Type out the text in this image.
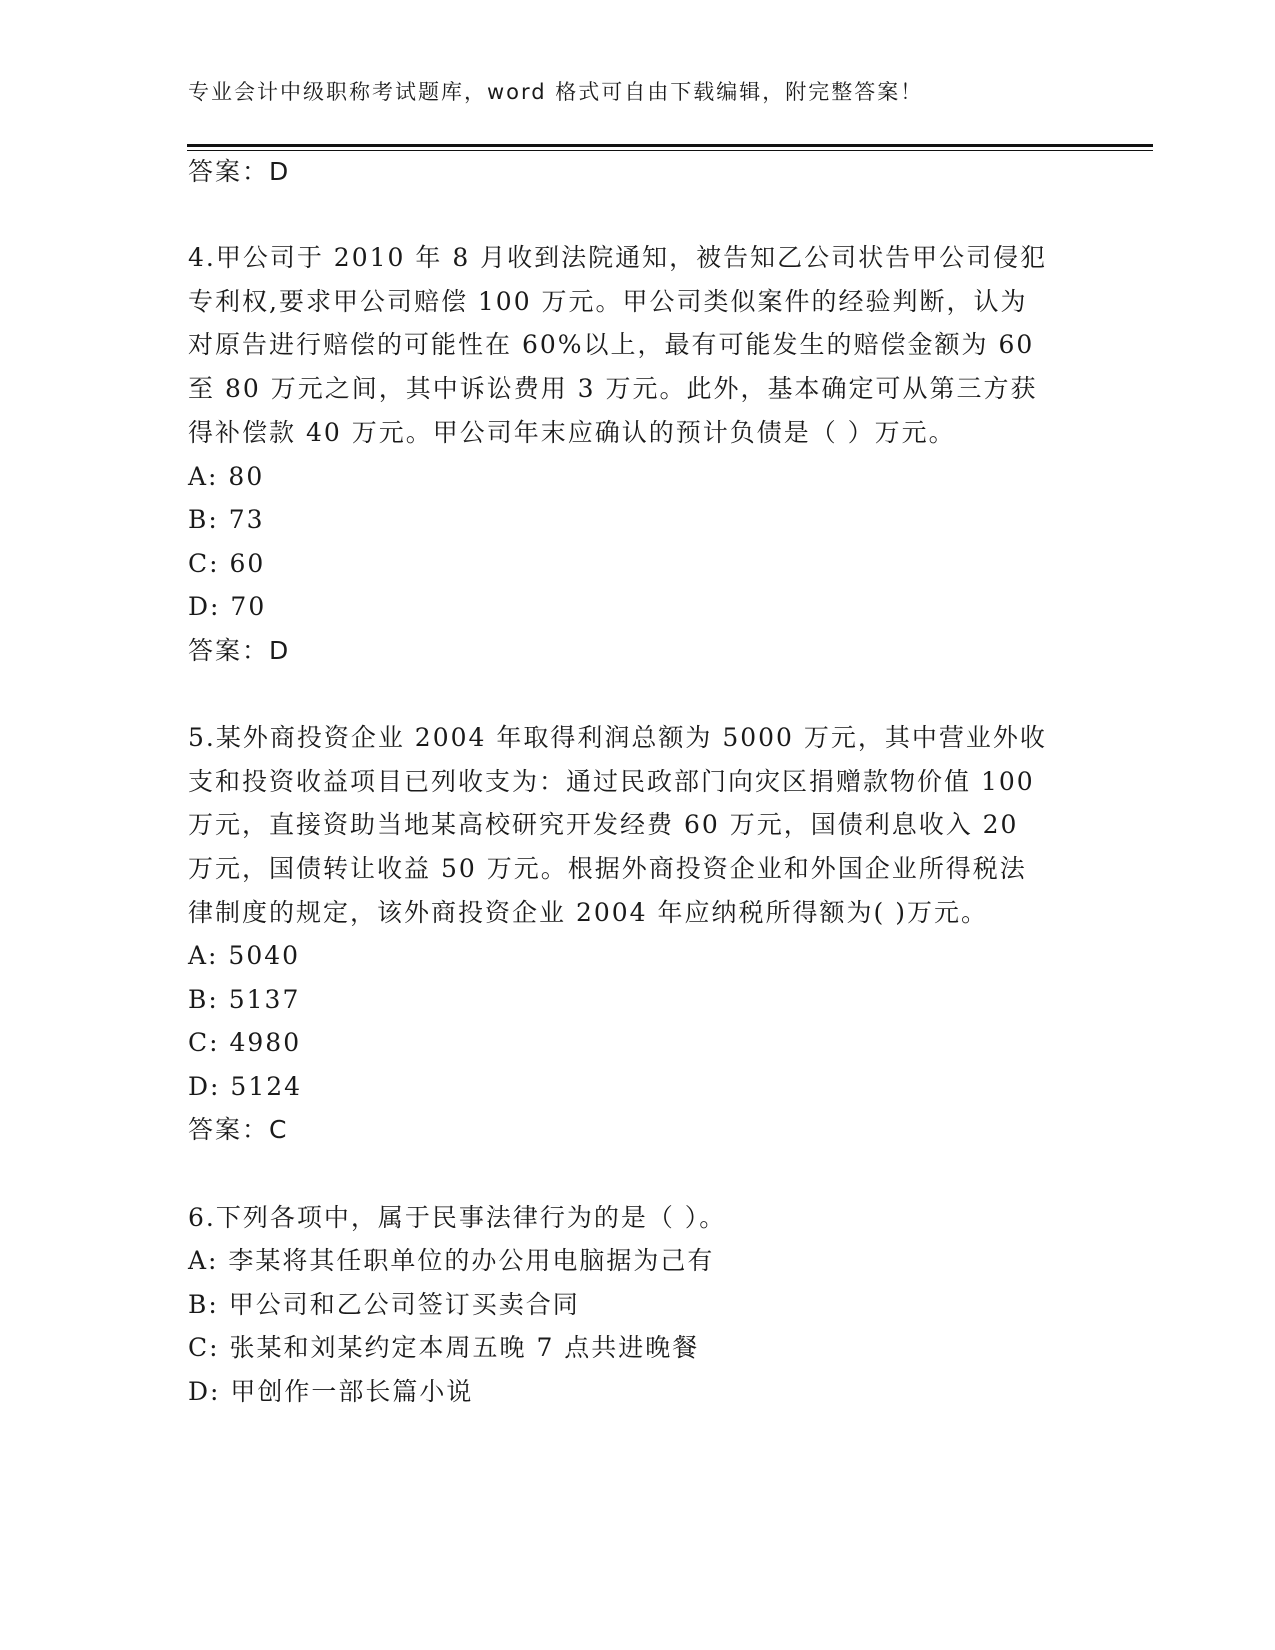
专业会计中级职称考试题库，word 格式可自由下载编辑，附完整答案！
答案：D
4.甲公司于 2010 年 8 月收到法院通知，被告知乙公司状告甲公司侵犯
专利权,要求甲公司赔偿 100 万元。甲公司类似案件的经验判断，认为
对原告进行赔偿的可能性在 60%以上，最有可能发生的赔偿金额为 60
至 80 万元之间，其中诉讼费用 3 万元。此外，基本确定可从第三方获
得补偿款 40 万元。甲公司年末应确认的预计负债是（ ）万元。
A: 80
B: 73
C: 60
D: 70
答案：D
5.某外商投资企业 2004 年取得利润总额为 5000 万元，其中营业外收
支和投资收益项目已列收支为：通过民政部门向灾区捐赠款物价值 100
万元，直接资助当地某高校研究开发经费 60 万元，国债利息收入 20
万元，国债转让收益 50 万元。根据外商投资企业和外国企业所得税法
律制度的规定，该外商投资企业 2004 年应纳税所得额为( )万元。
A: 5040
B: 5137
C: 4980
D: 5124
答案：C
6.下列各项中，属于民事法律行为的是（ ）。
A: 李某将其任职单位的办公用电脑据为己有
B: 甲公司和乙公司签订买卖合同
C: 张某和刘某约定本周五晚 7 点共进晚餐
D: 甲创作一部长篇小说
